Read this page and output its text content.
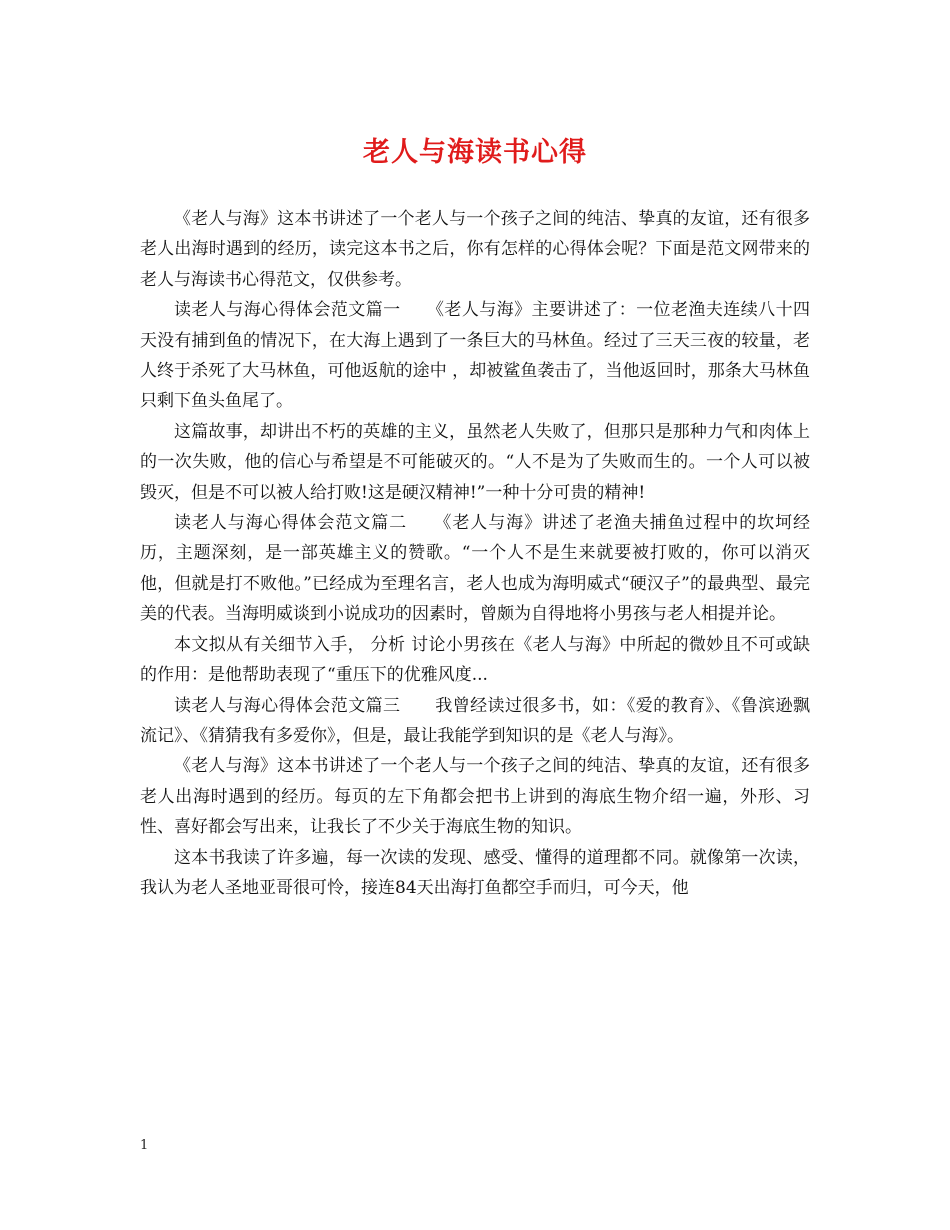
老人与海读书心得

《老人与海》这本书讲述了一个老人与一个孩子之间的纯洁、挚真的友谊，还有很多老人出海时遇到的经历，读完这本书之后，你有怎样的心得体会呢？下面是范文网带来的老人与海读书心得范文，仅供参考。

读老人与海心得体会范文篇一　　《老人与海》主要讲述了：一位老渔夫连续八十四天没有捕到鱼的情况下，在大海上遇到了一条巨大的马林鱼。经过了三天三夜的较量，老人终于杀死了大马林鱼，可他返航的途中 ，却被鲨鱼袭击了，当他返回时，那条大马林鱼只剩下鱼头鱼尾了。

这篇故事，却讲出不朽的英雄的主义，虽然老人失败了，但那只是那种力气和肉体上的一次失败，他的信心与希望是不可能破灭的。“人不是为了失败而生的。一个人可以被毁灭，但是不可以被人给打败!这是硬汉精神!”一种十分可贵的精神!

读老人与海心得体会范文篇二　　《老人与海》讲述了老渔夫捕鱼过程中的坎坷经历，主题深刻，是一部英雄主义的赞歌。“一个人不是生来就要被打败的，你可以消灭他，但就是打不败他。”已经成为至理名言，老人也成为海明威式“硬汉子”的最典型、最完美的代表。当海明威谈到小说成功的因素时，曾颇为自得地将小男孩与老人相提并论。

本文拟从有关细节入手， 分析 讨论小男孩在《老人与海》中所起的微妙且不可或缺的作用：是他帮助表现了“重压下的优雅风度...

读老人与海心得体会范文篇三　　我曾经读过很多书，如：《爱的教育》、《鲁滨逊飘流记》、《猜猜我有多爱你》，但是，最让我能学到知识的是《老人与海》。

《老人与海》这本书讲述了一个老人与一个孩子之间的纯洁、挚真的友谊，还有很多老人出海时遇到的经历。每页的左下角都会把书上讲到的海底生物介绍一遍，外形、习性、喜好都会写出来，让我长了不少关于海底生物的知识。

这本书我读了许多遍，每一次读的发现、感受、懂得的道理都不同。就像第一次读，我认为老人圣地亚哥很可怜，接连84天出海打鱼都空手而归，可今天，他

1
